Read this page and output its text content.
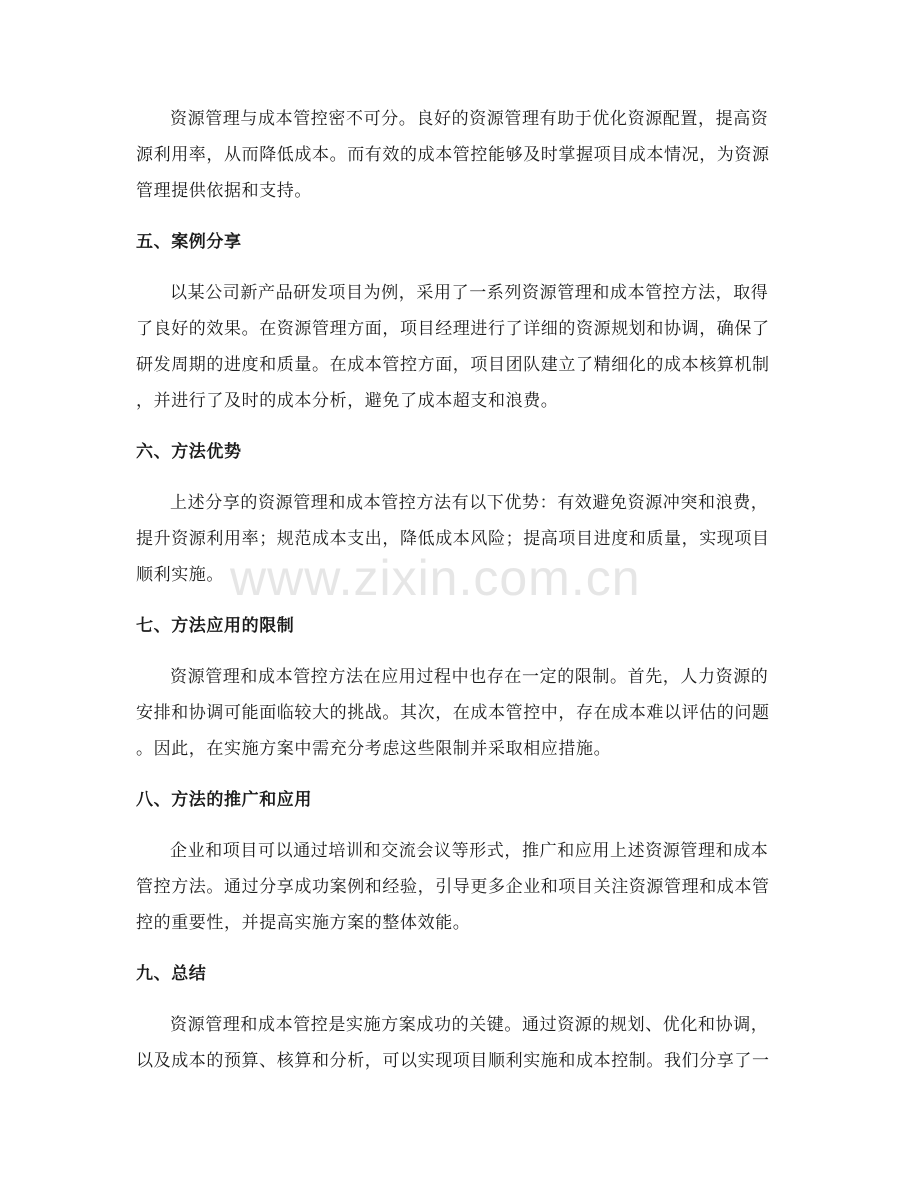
www.zixin.com.cn
资源管理与成本管控密不可分。良好的资源管理有助于优化资源配置，提高资
源利用率，从而降低成本。而有效的成本管控能够及时掌握项目成本情况，为资源
管理提供依据和支持。
五、案例分享
以某公司新产品研发项目为例，采用了一系列资源管理和成本管控方法，取得
了良好的效果。在资源管理方面，项目经理进行了详细的资源规划和协调，确保了
研发周期的进度和质量。在成本管控方面，项目团队建立了精细化的成本核算机制
，并进行了及时的成本分析，避免了成本超支和浪费。
六、方法优势
上述分享的资源管理和成本管控方法有以下优势：有效避免资源冲突和浪费，
提升资源利用率；规范成本支出，降低成本风险；提高项目进度和质量，实现项目
顺利实施。
七、方法应用的限制
资源管理和成本管控方法在应用过程中也存在一定的限制。首先，人力资源的
安排和协调可能面临较大的挑战。其次，在成本管控中，存在成本难以评估的问题
。因此，在实施方案中需充分考虑这些限制并采取相应措施。
八、方法的推广和应用
企业和项目可以通过培训和交流会议等形式，推广和应用上述资源管理和成本
管控方法。通过分享成功案例和经验，引导更多企业和项目关注资源管理和成本管
控的重要性，并提高实施方案的整体效能。
九、总结
资源管理和成本管控是实施方案成功的关键。通过资源的规划、优化和协调，
以及成本的预算、核算和分析，可以实现项目顺利实施和成本控制。我们分享了一
